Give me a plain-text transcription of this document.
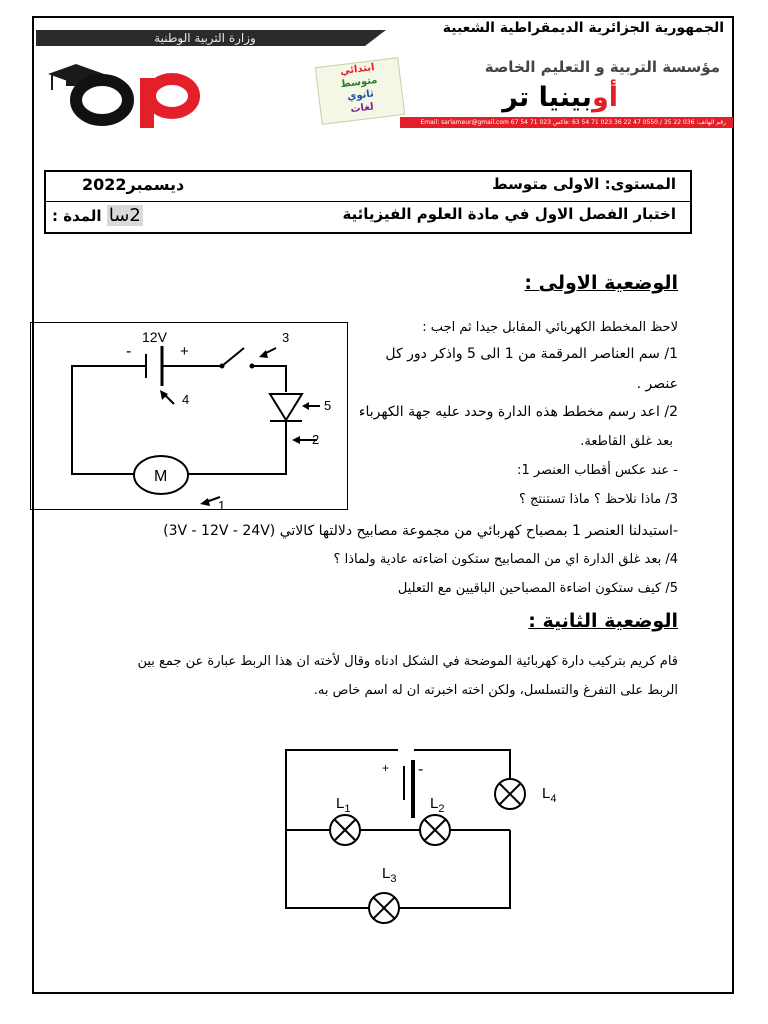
الجمهورية الجزائرية الديمقراطية الشعبية
وزارة التربية الوطنية
مؤسسة التربية و التعليم الخاصة
أوبينيا تر
ابتدائي
متوسط
ثانوي
لغات
رقم الهاتف: 036 22 35 / 0550 47 22 36 023 71 54 63 :فاكس 023 71 54 67 Email: sarlameur@gmail.com
المستوى: الاولى متوسط
ديسمبر2022
اختبار الفصل الاول في مادة العلوم الفيزيائية
2سا المدة :
الوضعية الاولى :
لاحظ المخطط الكهربائي المقابل جيدا ثم اجب :
1/ سم العناصر المرقمة من 1 الى 5 واذكر دور كل
عنصر .
2/ اعد رسم مخطط هذه الدارة وحدد عليه جهة الكهرباء
بعد غلق القاطعة.
- عند عكس أقطاب العنصر 1:
3/ ماذا نلاحظ ؟ ماذا تستنتج ؟
-استبدلنا العنصر 1 بمصباح كهربائي من مجموعة مصابيح دلالتها كالاتي (3V - 12V - 24V)
4/ بعد غلق الدارة اي من المصابيح ستكون اضاءته عادية ولماذا ؟
5/ كيف ستكون اضاءة المصباحين الباقيين مع التعليل
12V
-	+
1
2
3
4	5
M
الوضعية الثانية :
قام كريم بتركيب دارة كهربائية الموضحة في الشكل ادناه وقال لأخته ان هذا الربط عبارة عن جمع بين
الربط على التفرغ والتسلسل، ولكن اخته اخبرته ان له اسم خاص به.
+ -
$L_1$	$L_2$
$L_3$
$L_4$
